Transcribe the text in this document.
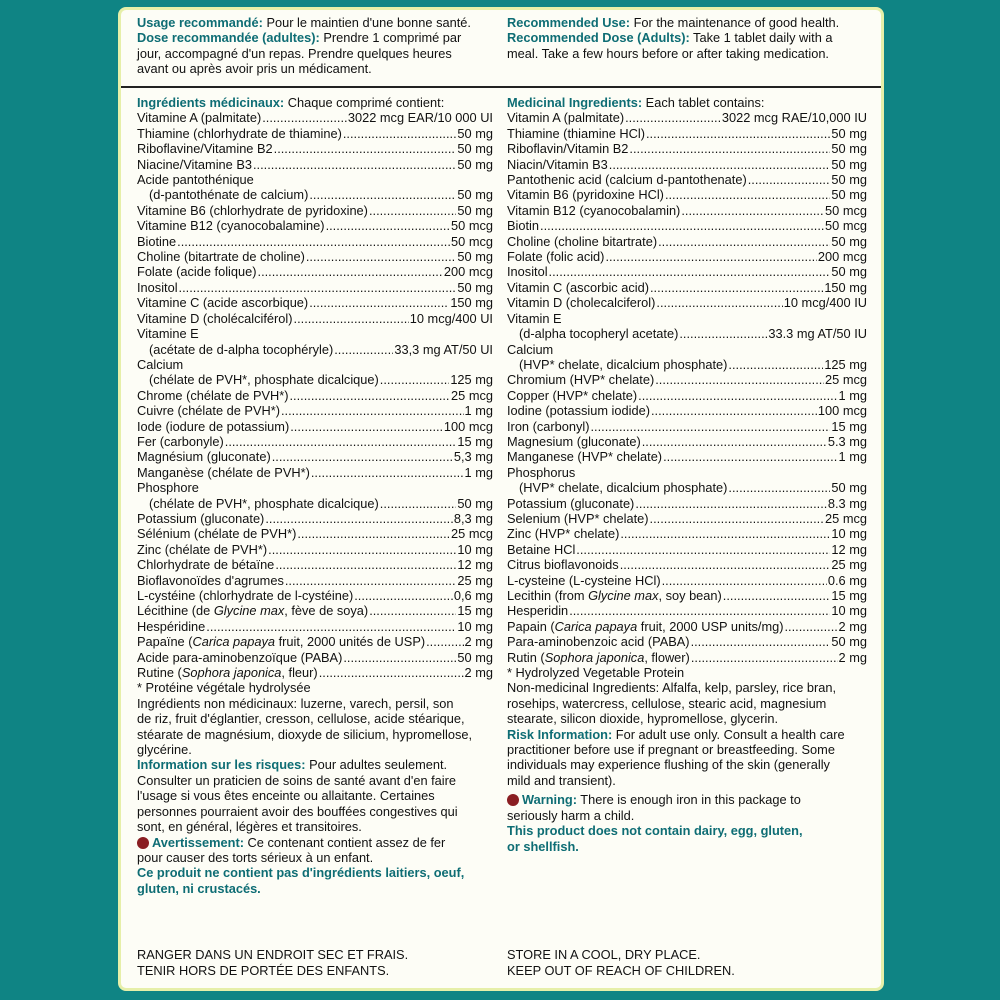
Usage recommandé: Pour le maintien d'une bonne santé.
Dose recommandée (adultes): Prendre 1 comprimé par
jour, accompagné d'un repas. Prendre quelques heures
avant ou après avoir pris un médicament.
Recommended Use: For the maintenance of good health.
Recommended Dose (Adults): Take 1 tablet daily with a
meal. Take a few hours before or after taking medication.
Ingrédients médicinaux: Chaque comprimé contient:
Vitamine A (palmitate) .....	3022 mcg EAR/10 000 UI
Thiamine (chlorhydrate de thiamine) .....	50 mg
Riboflavine/Vitamine B2 .....	50 mg
Niacine/Vitamine B3 .....	50 mg
Acide pantothénique
(d-pantothénate de calcium) .....	50 mg
Vitamine B6 (chlorhydrate de pyridoxine) .....	50 mg
Vitamine B12 (cyanocobalamine) .....	50 mcg
Biotine .....	50 mcg
Choline (bitartrate de choline) .....	50 mg
Folate (acide folique) .....	200 mcg
Inositol .....	50 mg
Vitamine C (acide ascorbique) .....	150 mg
Vitamine D (cholécalciférol) .....	10 mcg/400 UI
Vitamine E
(acétate de d-alpha tocophéryle) .....	33,3 mg AT/50 UI
Calcium
(chélate de PVH*, phosphate dicalcique) .....	125 mg
Chrome (chélate de PVH*) .....	25 mcg
Cuivre (chélate de PVH*) .....	1 mg
Iode (iodure de potassium) .....	100 mcg
Fer (carbonyle) .....	15 mg
Magnésium (gluconate) .....	5,3 mg
Manganèse (chélate de PVH*) .....	1 mg
Phosphore
(chélate de PVH*, phosphate dicalcique) .....	50 mg
Potassium (gluconate) .....	8,3 mg
Sélénium (chélate de PVH*) .....	25 mcg
Zinc (chélate de PVH*) .....	10 mg
Chlorhydrate de bétaïne .....	12 mg
Bioflavonoïdes d'agrumes .....	25 mg
L-cystéine (chlorhydrate de l-cystéine) .....	0,6 mg
Lécithine (de Glycine max, fève de soya) .....	15 mg
Hespéridine .....	10 mg
Papaïne (Carica papaya fruit, 2000 unités de USP) .....	2 mg
Acide para-aminobenzoïque (PABA) .....	50 mg
Rutine (Sophora japonica, fleur) .....	2 mg
* Protéine végétale hydrolysée
Ingrédients non médicinaux: luzerne, varech, persil, son
de riz, fruit d'églantier, cresson, cellulose, acide stéarique,
stéarate de magnésium, dioxyde de silicium, hypromellose,
glycérine.
Information sur les risques: Pour adultes seulement.
Consulter un praticien de soins de santé avant d'en faire
l'usage si vous êtes enceinte ou allaitante. Certaines
personnes pourraient avoir des bouffées congestives qui
sont, en général, légères et transitoires.
Avertissement: Ce contenant contient assez de fer
pour causer des torts sérieux à un enfant.
Ce produit ne contient pas d'ingrédients laitiers, oeuf,
gluten, ni crustacés.
Medicinal Ingredients: Each tablet contains:
Vitamin A (palmitate) .....	3022 mcg RAE/10,000 IU
Thiamine (thiamine HCl) .....	50 mg
Riboflavin/Vitamin B2 .....	50 mg
Niacin/Vitamin B3 .....	50 mg
Pantothenic acid (calcium d-pantothenate) .....	50 mg
Vitamin B6 (pyridoxine HCl) .....	50 mg
Vitamin B12 (cyanocobalamin) .....	50 mcg
Biotin .....	50 mcg
Choline (choline bitartrate) .....	50 mg
Folate (folic acid) .....	200 mcg
Inositol .....	50 mg
Vitamin C (ascorbic acid) .....	150 mg
Vitamin D (cholecalciferol) .....	10 mcg/400 IU
Vitamin E
(d-alpha tocopheryl acetate) .....	33.3 mg AT/50 IU
Calcium
(HVP* chelate, dicalcium phosphate) .....	125 mg
Chromium (HVP* chelate) .....	25 mcg
Copper (HVP* chelate) .....	1 mg
Iodine (potassium iodide) .....	100 mcg
Iron (carbonyl) .....	15 mg
Magnesium (gluconate) .....	5.3 mg
Manganese (HVP* chelate) .....	1 mg
Phosphorus
(HVP* chelate, dicalcium phosphate) .....	50 mg
Potassium (gluconate) .....	8.3 mg
Selenium (HVP* chelate) .....	25 mcg
Zinc (HVP* chelate) .....	10 mg
Betaine HCl .....	12 mg
Citrus bioflavonoids .....	25 mg
L-cysteine (L-cysteine HCl) .....	0.6 mg
Lecithin (from Glycine max, soy bean) .....	15 mg
Hesperidin .....	10 mg
Papain (Carica papaya fruit, 2000 USP units/mg) .....	2 mg
Para-aminobenzoic acid (PABA) .....	50 mg
Rutin (Sophora japonica, flower) .....	2 mg
* Hydrolyzed Vegetable Protein
Non-medicinal Ingredients: Alfalfa, kelp, parsley, rice bran,
rosehips, watercress, cellulose, stearic acid, magnesium
stearate, silicon dioxide, hypromellose, glycerin.
Risk Information: For adult use only. Consult a health care
practitioner before use if pregnant or breastfeeding. Some
individuals may experience flushing of the skin (generally
mild and transient).
Warning: There is enough iron in this package to
seriously harm a child.
This product does not contain dairy, egg, gluten,
or shellfish.
RANGER DANS UN ENDROIT SEC ET FRAIS.
TENIR HORS DE PORTÉE DES ENFANTS.
STORE IN A COOL, DRY PLACE.
KEEP OUT OF REACH OF CHILDREN.
